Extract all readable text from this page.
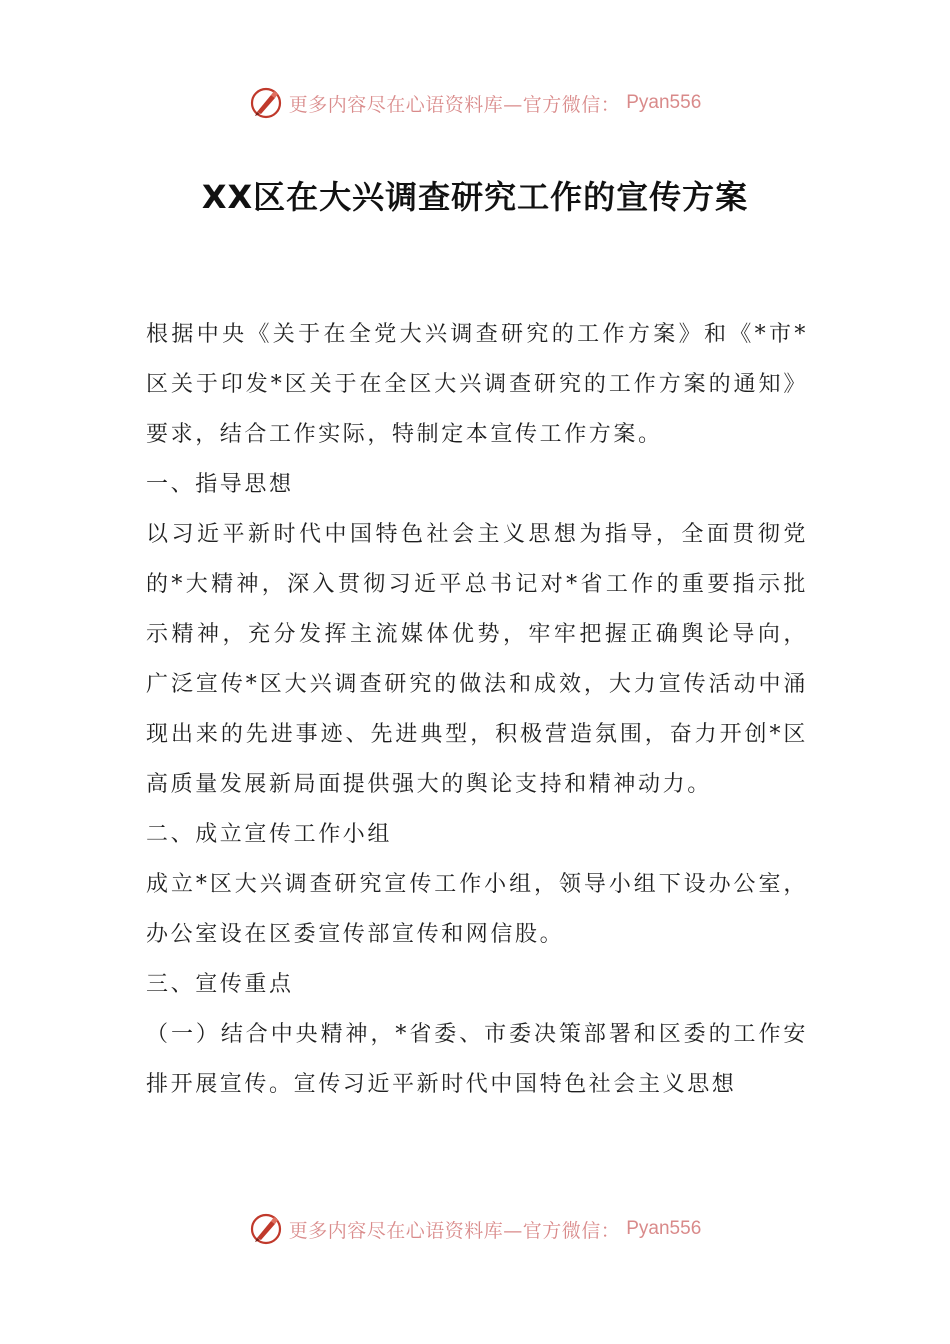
更多内容尽在心语资料库—官方微信： Pyan556
XX区在大兴调查研究工作的宣传方案

根据中央《关于在全党大兴调查研究的工作方案》和《*市*区关于印发*区关于在全区大兴调查研究的工作方案的通知》要求，结合工作实际，特制定本宣传工作方案。

一、指导思想

以习近平新时代中国特色社会主义思想为指导，全面贯彻党的*大精神，深入贯彻习近平总书记对*省工作的重要指示批示精神，充分发挥主流媒体优势，牢牢把握正确舆论导向，广泛宣传*区大兴调查研究的做法和成效，大力宣传活动中涌现出来的先进事迹、先进典型，积极营造氛围，奋力开创*区高质量发展新局面提供强大的舆论支持和精神动力。

二、成立宣传工作小组

成立*区大兴调查研究宣传工作小组，领导小组下设办公室，办公室设在区委宣传部宣传和网信股。

三、宣传重点

（一）结合中央精神，*省委、市委决策部署和区委的工作安排开展宣传。宣传习近平新时代中国特色社会主义思想

更多内容尽在心语资料库—官方微信： Pyan556
